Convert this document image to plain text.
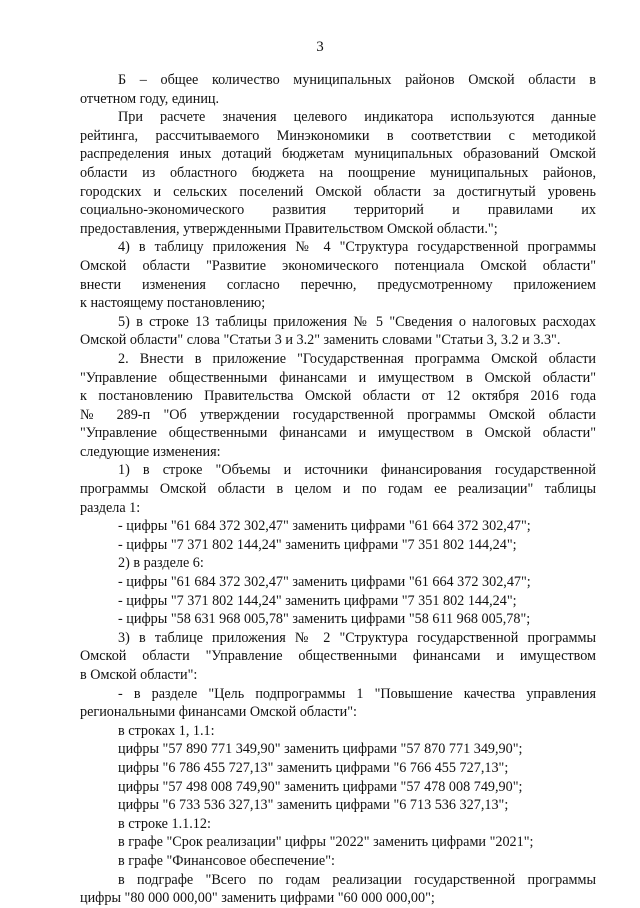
3

Б – общее количество муниципальных районов Омской области в

отчетном году, единиц.

При расчете значения целевого индикатора используются данные

рейтинга, рассчитываемого Минэкономики в соответствии с методикой

распределения иных дотаций бюджетам муниципальных образований Омской

области из областного бюджета на поощрение муниципальных районов,

городских и сельских поселений Омской области за достигнутый уровень

социально-экономического развития территорий и правилами их

предоставления, утвержденными Правительством Омской области.";

4) в таблицу приложения № 4 "Структура государственной программы

Омской области "Развитие экономического потенциала Омской области"

внести изменения согласно перечню, предусмотренному приложением

к настоящему постановлению;

5) в строке 13 таблицы приложения № 5 "Сведения о налоговых расходах

Омской области" слова "Статьи 3 и 3.2" заменить словами "Статьи 3, 3.2 и 3.3".

2. Внести в приложение "Государственная программа Омской области

"Управление общественными финансами и имуществом в Омской области"

к постановлению Правительства Омской области от 12 октября 2016 года

№ 289-п "Об утверждении государственной программы Омской области

"Управление общественными финансами и имуществом в Омской области"

следующие изменения:

1) в строке "Объемы и источники финансирования государственной

программы Омской области в целом и по годам ее реализации" таблицы

раздела 1:

- цифры "61 684 372 302,47" заменить цифрами "61 664 372 302,47";

- цифры "7 371 802 144,24" заменить цифрами "7 351 802 144,24";

2) в разделе 6:

- цифры "61 684 372 302,47" заменить цифрами "61 664 372 302,47";

- цифры "7 371 802 144,24" заменить цифрами "7 351 802 144,24";

- цифры "58 631 968 005,78" заменить цифрами "58 611 968 005,78";

3) в таблице приложения № 2 "Структура государственной программы

Омской области "Управление общественными финансами и имуществом

в Омской области":

- в разделе "Цель подпрограммы 1 "Повышение качества управления

региональными финансами Омской области":

в строках 1, 1.1:

цифры "57 890 771 349,90" заменить цифрами "57 870 771 349,90";

цифры "6 786 455 727,13" заменить цифрами "6 766 455 727,13";

цифры "57 498 008 749,90" заменить цифрами "57 478 008 749,90";

цифры "6 733 536 327,13" заменить цифрами "6 713 536 327,13";

в строке 1.1.12:

в графе "Срок реализации" цифры "2022" заменить цифрами "2021";

в графе "Финансовое обеспечение":

в подграфе "Всего по годам реализации государственной программы

цифры "80 000 000,00" заменить цифрами "60 000 000,00";
